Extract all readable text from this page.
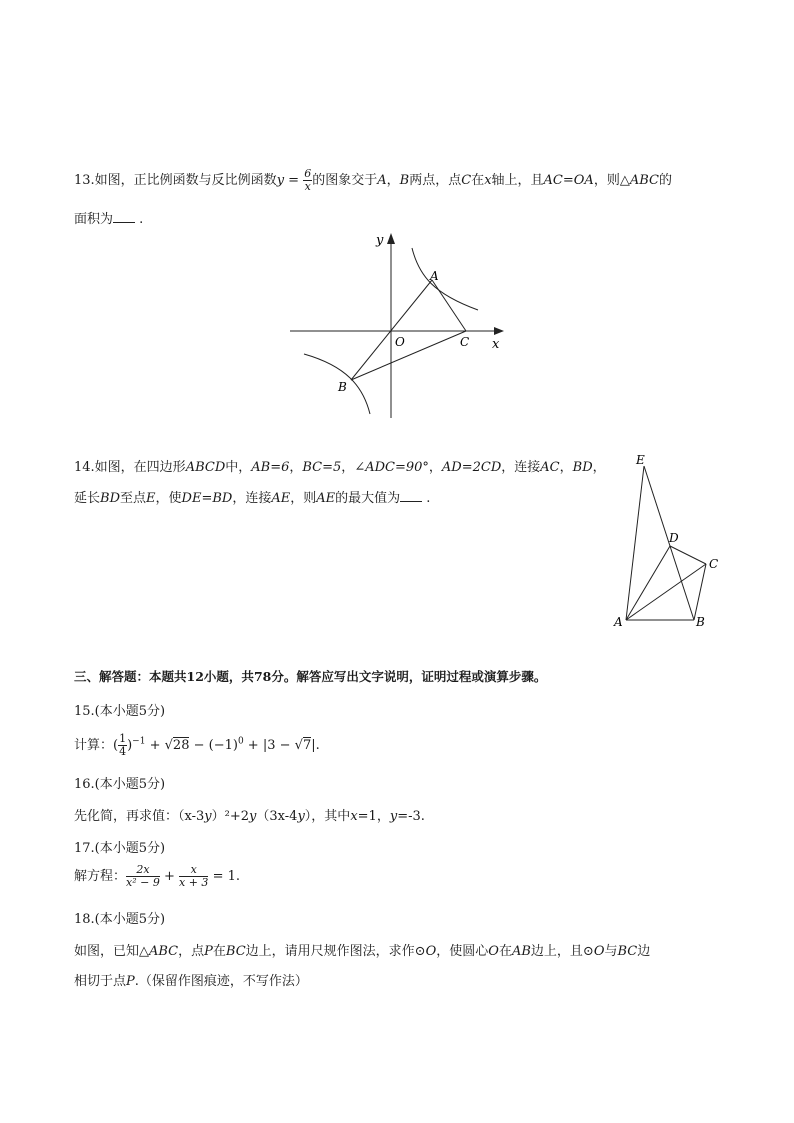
13.如图，正比例函数与反比例函数$y = \frac{6}{x}$ 的图象交于A，B两点，点C在x轴上，且AC=OA，则△ABC的
面积为 .
y
x
A
O	C
B
14.如图，在四边形ABCD中，AB=6，BC=5，∠ADC=90°，AD=2CD，连接AC，BD，
延长BD至点E，使DE=BD，连接AE，则AE的最大值为 .
E
D
C
A	B
三、解答题：本题共12小题，共78分。解答应写出文字说明，证明过程或演算步骤。
15.(本小题5分)
计算：( $\frac{1}{4} )^{-1} + √28 - (-1)^0 + |3 - √7|$.
16.(本小题5分)
先化简，再求值：（x-3y）²+2y（3x-4y），其中x=1，y=-3.
17.(本小题5分)
解方程： $\frac{2x}{\text{x² − 9}} + \frac{x}{x + 3} = 1$.
18.(本小题5分)
如图，已知△ABC，点P在BC边上，请用尺规作图法，求作⊙O，使圆心O在AB边上，且⊙O与BC边
相切于点P.（保留作图痕迹，不写作法）
